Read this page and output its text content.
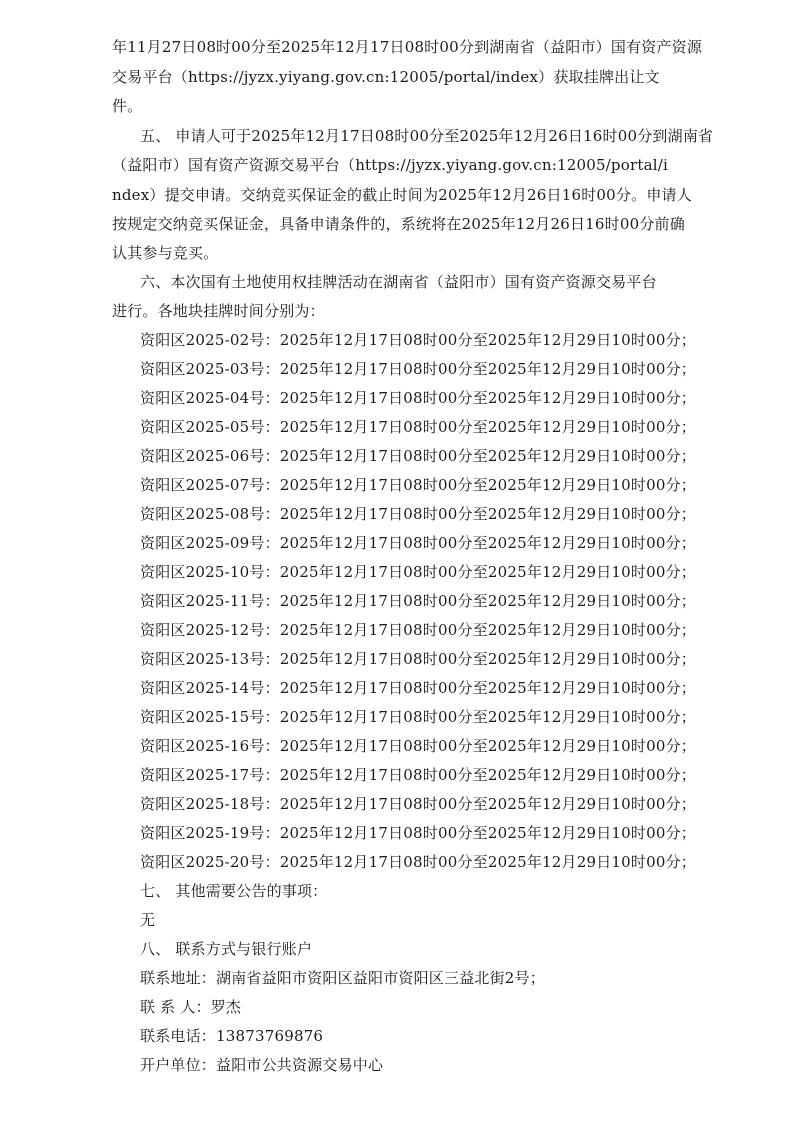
年11月27日08时00分至2025年12月17日08时00分到湖南省（益阳市）国有资产资源
交易平台（https://jyzx.yiyang.gov.cn:12005/portal/index）获取挂牌出让文
件。
五、 申请人可于2025年12月17日08时00分至2025年12月26日16时00分到湖南省
（益阳市）国有资产资源交易平台（https://jyzx.yiyang.gov.cn:12005/portal/i
ndex）提交申请。交纳竞买保证金的截止时间为2025年12月26日16时00分。申请人
按规定交纳竞买保证金，具备申请条件的，系统将在2025年12月26日16时00分前确
认其参与竞买。
六、本次国有土地使用权挂牌活动在湖南省（益阳市）国有资产资源交易平台
进行。各地块挂牌时间分别为：
资阳区2025-02号：2025年12月17日08时00分至2025年12月29日10时00分；
资阳区2025-03号：2025年12月17日08时00分至2025年12月29日10时00分；
资阳区2025-04号：2025年12月17日08时00分至2025年12月29日10时00分；
资阳区2025-05号：2025年12月17日08时00分至2025年12月29日10时00分；
资阳区2025-06号：2025年12月17日08时00分至2025年12月29日10时00分；
资阳区2025-07号：2025年12月17日08时00分至2025年12月29日10时00分；
资阳区2025-08号：2025年12月17日08时00分至2025年12月29日10时00分；
资阳区2025-09号：2025年12月17日08时00分至2025年12月29日10时00分；
资阳区2025-10号：2025年12月17日08时00分至2025年12月29日10时00分；
资阳区2025-11号：2025年12月17日08时00分至2025年12月29日10时00分；
资阳区2025-12号：2025年12月17日08时00分至2025年12月29日10时00分；
资阳区2025-13号：2025年12月17日08时00分至2025年12月29日10时00分；
资阳区2025-14号：2025年12月17日08时00分至2025年12月29日10时00分；
资阳区2025-15号：2025年12月17日08时00分至2025年12月29日10时00分；
资阳区2025-16号：2025年12月17日08时00分至2025年12月29日10时00分；
资阳区2025-17号：2025年12月17日08时00分至2025年12月29日10时00分；
资阳区2025-18号：2025年12月17日08时00分至2025年12月29日10时00分；
资阳区2025-19号：2025年12月17日08时00分至2025年12月29日10时00分；
资阳区2025-20号：2025年12月17日08时00分至2025年12月29日10时00分；
七、 其他需要公告的事项：
无
八、 联系方式与银行账户
联系地址：湖南省益阳市资阳区益阳市资阳区三益北街2号；
联 系 人：罗杰
联系电话：13873769876
开户单位：益阳市公共资源交易中心
